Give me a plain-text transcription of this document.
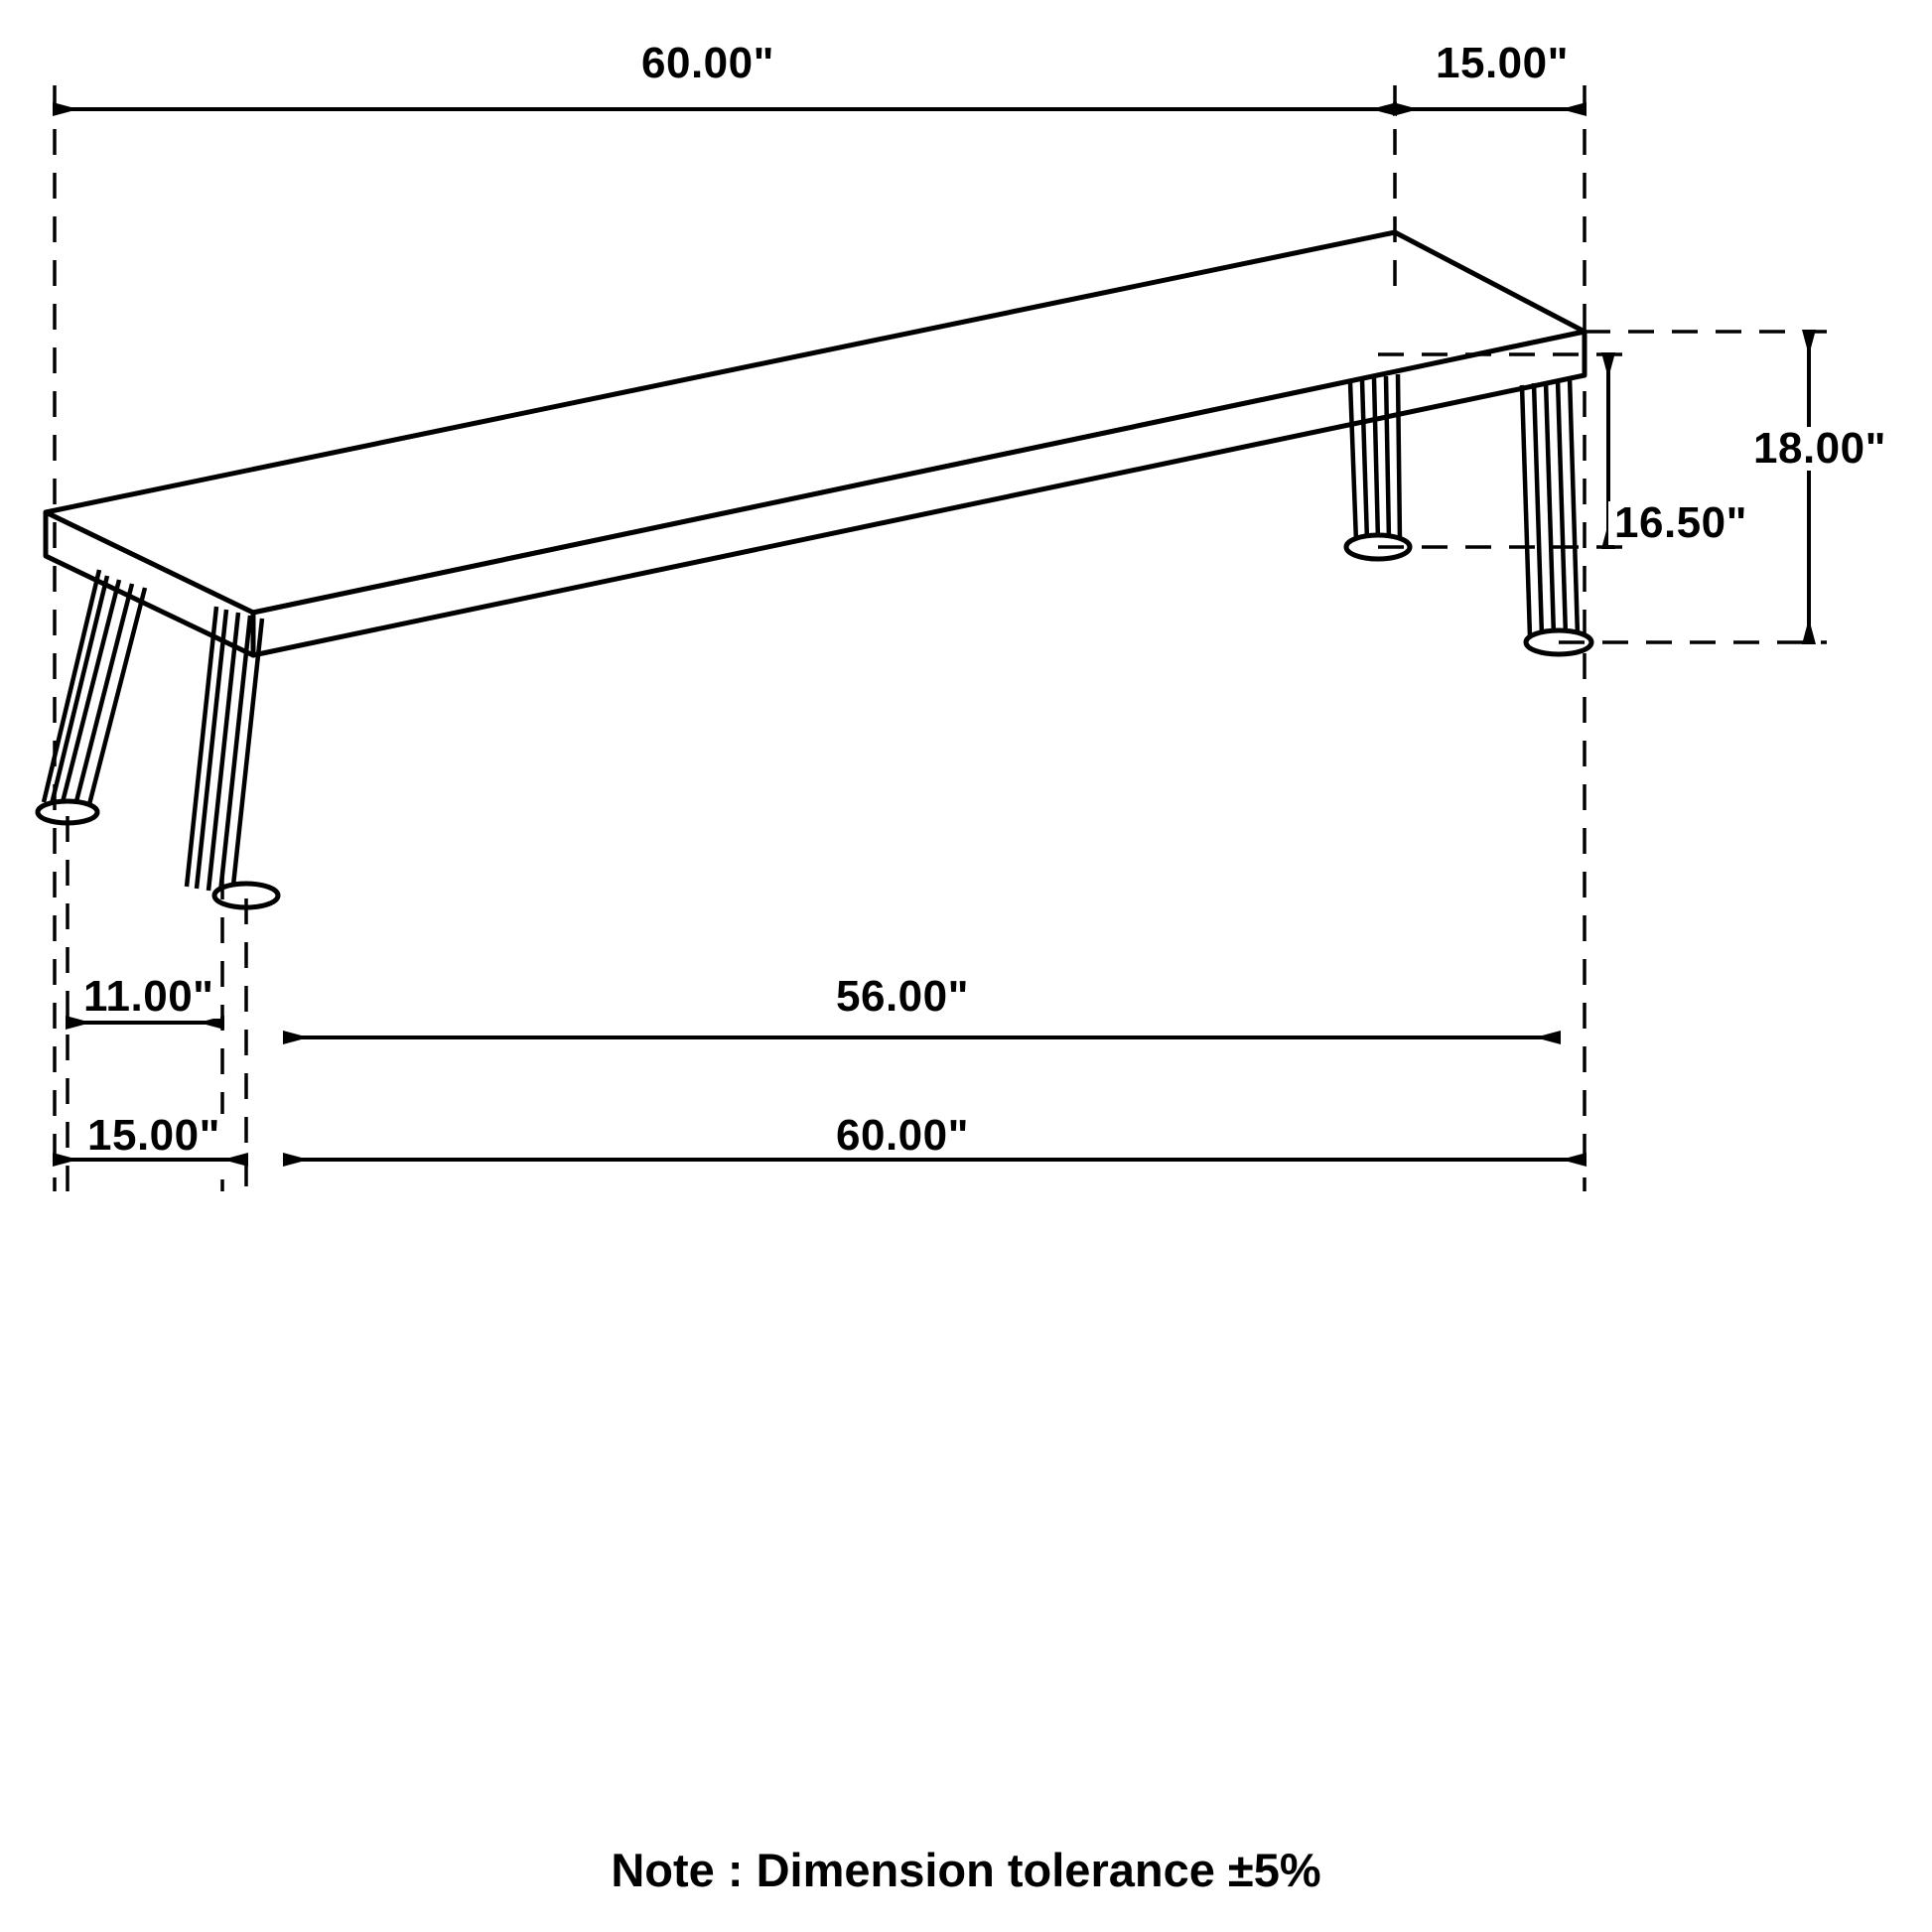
60.00"	15.00"
18.00"
16.50"
11.00"	56.00"
15.00"	60.00"
Note : Dimension tolerance ±5%
